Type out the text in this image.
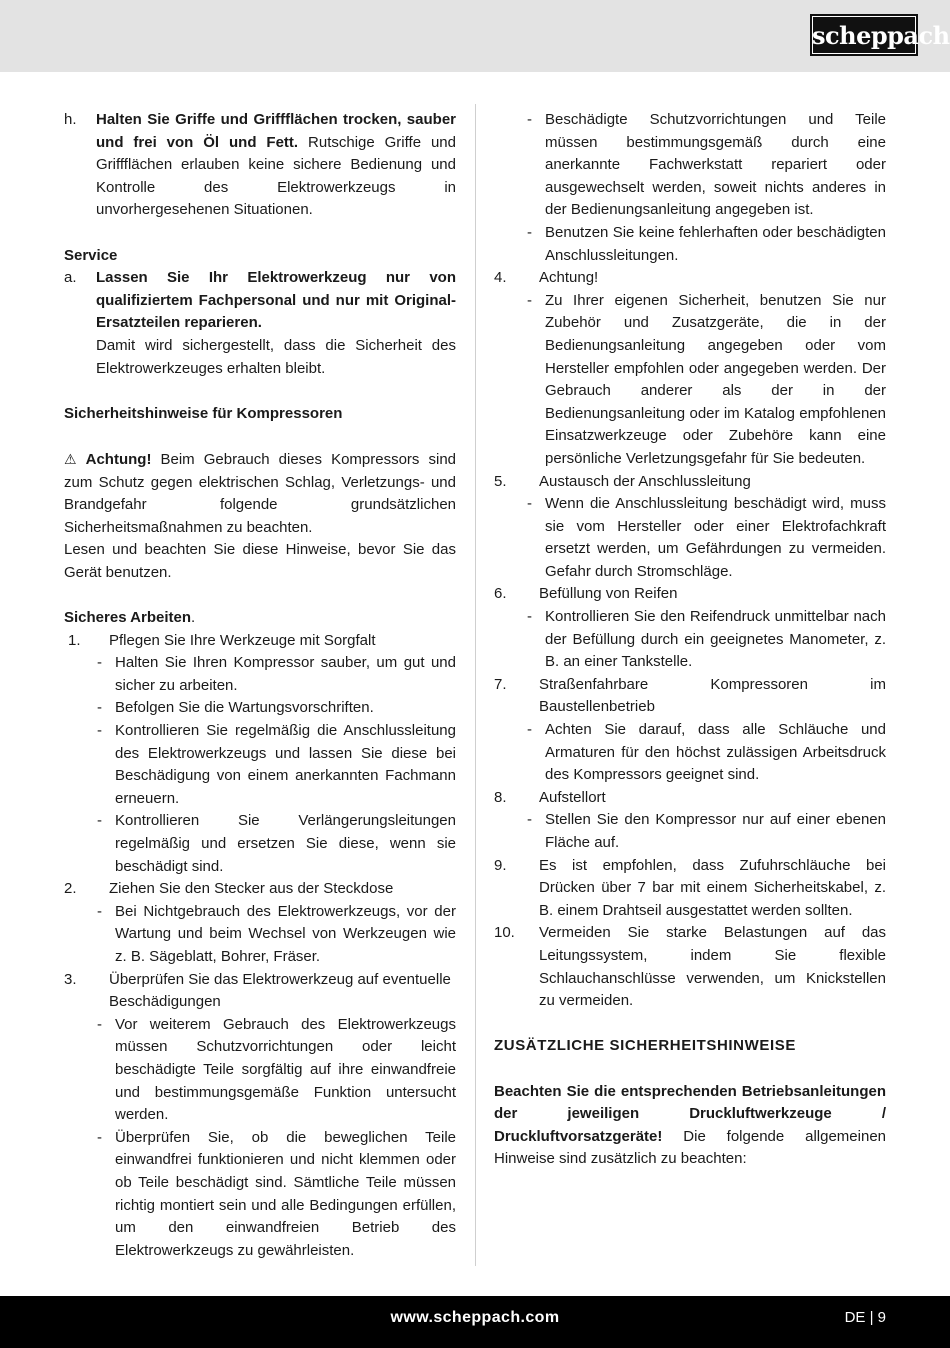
scheppach
h. Halten Sie Griffe und Griffflächen trocken, sauber und frei von Öl und Fett. Rutschige Griffe und Griffflächen erlauben keine sichere Bedienung und Kontrolle des Elektrowerkzeugs in unvorhergesehenen Situationen.

Service

a. Lassen Sie Ihr Elektrowerkzeug nur von qualifiziertem Fachpersonal und nur mit Original-Ersatzteilen reparieren.
Damit wird sichergestellt, dass die Sicherheit des Elektrowerkzeuges erhalten bleibt.

Sicherheitshinweise für Kompressoren

⚠ Achtung! Beim Gebrauch dieses Kompressors sind zum Schutz gegen elektrischen Schlag, Verletzungs- und Brandgefahr folgende grundsätzlichen Sicherheitsmaßnahmen zu beachten.

Lesen und beachten Sie diese Hinweise, bevor Sie das Gerät benutzen.

Sicheres Arbeiten.

1. Pflegen Sie Ihre Werkzeuge mit Sorgfalt
- Halten Sie Ihren Kompressor sauber, um gut und sicher zu arbeiten.
- Befolgen Sie die Wartungsvorschriften.
- Kontrollieren Sie regelmäßig die Anschlussleitung des Elektrowerkzeugs und lassen Sie diese bei Beschädigung von einem anerkannten Fachmann erneuern.
- Kontrollieren Sie Verlängerungsleitungen regelmäßig und ersetzen Sie diese, wenn sie beschädigt sind.
2. Ziehen Sie den Stecker aus der Steckdose
- Bei Nichtgebrauch des Elektrowerkzeugs, vor der Wartung und beim Wechsel von Werkzeugen wie z. B. Sägeblatt, Bohrer, Fräser.
3. Überprüfen Sie das Elektrowerkzeug auf eventuelle Beschädigungen
- Vor weiterem Gebrauch des Elektrowerkzeugs müssen Schutzvorrichtungen oder leicht beschädigte Teile sorgfältig auf ihre einwandfreie und bestimmungsgemäße Funktion untersucht werden.
- Überprüfen Sie, ob die beweglichen Teile einwandfrei funktionieren und nicht klemmen oder ob Teile beschädigt sind. Sämtliche Teile müssen richtig montiert sein und alle Bedingungen erfüllen, um den einwandfreien Betrieb des Elektrowerkzeugs zu gewährleisten.
- Beschädigte Schutzvorrichtungen und Teile müssen bestimmungsgemäß durch eine anerkannte Fachwerkstatt repariert oder ausgewechselt werden, soweit nichts anderes in der Bedienungsanleitung angegeben ist.
- Benutzen Sie keine fehlerhaften oder beschädigten Anschlussleitungen.
4. Achtung!
- Zu Ihrer eigenen Sicherheit, benutzen Sie nur Zubehör und Zusatzgeräte, die in der Bedienungsanleitung angegeben oder vom Hersteller empfohlen oder angegeben werden. Der Gebrauch anderer als der in der Bedienungsanleitung oder im Katalog empfohlenen Einsatzwerkzeuge oder Zubehöre kann eine persönliche Verletzungsgefahr für Sie bedeuten.
5. Austausch der Anschlussleitung
- Wenn die Anschlussleitung beschädigt wird, muss sie vom Hersteller oder einer Elektrofachkraft ersetzt werden, um Gefährdungen zu vermeiden. Gefahr durch Stromschläge.
6. Befüllung von Reifen
- Kontrollieren Sie den Reifendruck unmittelbar nach der Befüllung durch ein geeignetes Manometer, z. B. an einer Tankstelle.
7. Straßenfahrbare Kompressoren im Baustellenbetrieb
- Achten Sie darauf, dass alle Schläuche und Armaturen für den höchst zulässigen Arbeitsdruck des Kompressors geeignet sind.
8. Aufstellort
- Stellen Sie den Kompressor nur auf einer ebenen Fläche auf.
9. Es ist empfohlen, dass Zufuhrschläuche bei Drücken über 7 bar mit einem Sicherheitskabel, z. B. einem Drahtseil ausgestattet werden sollten.
10. Vermeiden Sie starke Belastungen auf das Leitungssystem, indem Sie flexible Schlauchanschlüsse verwenden, um Knickstellen zu vermeiden.

ZUSÄTZLICHE SICHERHEITSHINWEISE

Beachten Sie die entsprechenden Betriebsanleitungen der jeweiligen Druckluftwerkzeuge / Druckluftvorsatzgeräte! Die folgende allgemeinen Hinweise sind zusätzlich zu beachten:

www.scheppach.com	DE | 9
